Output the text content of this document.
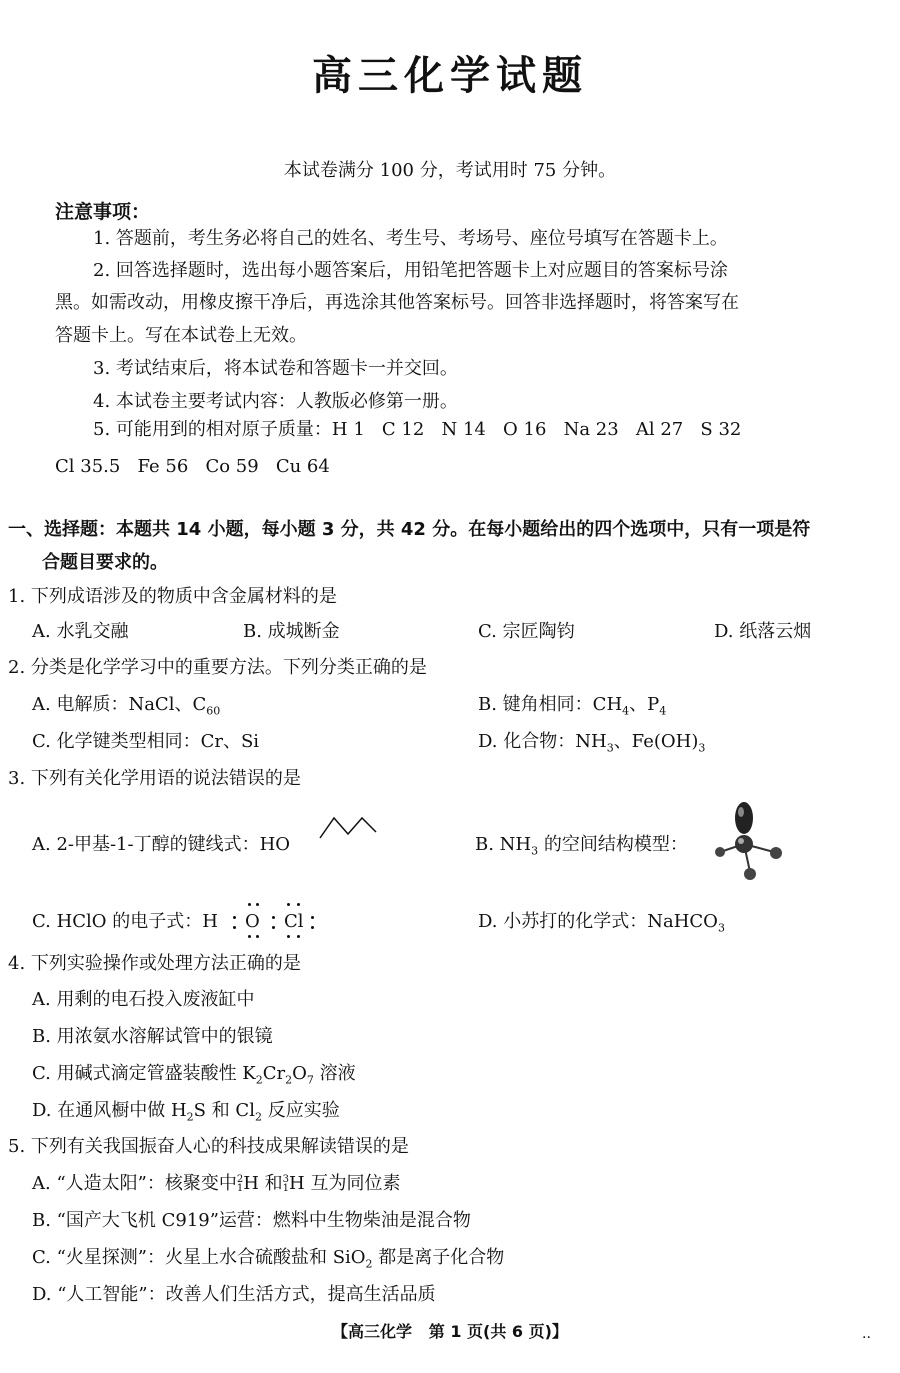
高三化学试题
本试卷满分 100 分，考试用时 75 分钟。
注意事项：
1. 答题前，考生务必将自己的姓名、考生号、考场号、座位号填写在答题卡上。
2. 回答选择题时，选出每小题答案后，用铅笔把答题卡上对应题目的答案标号涂
黑。如需改动，用橡皮擦干净后，再选涂其他答案标号。回答非选择题时，将答案写在
答题卡上。写在本试卷上无效。
3. 考试结束后，将本试卷和答题卡一并交回。
4. 本试卷主要考试内容：人教版必修第一册。
5. 可能用到的相对原子质量：H 1   C 12   N 14   O 16   Na 23   Al 27   S 32
Cl 35.5   Fe 56   Co 59   Cu 64
一、选择题：本题共 14 小题，每小题 3 分，共 42 分。在每小题给出的四个选项中，只有一项是符
合题目要求的。
1. 下列成语涉及的物质中含金属材料的是
A. 水乳交融	B. 成城断金	C. 宗匠陶钧	D. 纸落云烟
2. 分类是化学学习中的重要方法。下列分类正确的是
A. 电解质：NaCl、$C_{60}$	B. 键角相同：$CH_4$、$P_4$
C. 化学键类型相同：Cr、Si	D. 化合物：$NH_3$、$Fe(OH)_3$
3. 下列有关化学用语的说法错误的是
A. 2-甲基-1-丁醇的键线式：HO	B. $NH_3$ 的空间结构模型：
C. HClO 的电子式：H O Cl	D. 小苏打的化学式：NaHCO$_3$
4. 下列实验操作或处理方法正确的是
A. 用剩的电石投入废液缸中
B. 用浓氨水溶解试管中的银镜
C. 用碱式滴定管盛装酸性 $K_2Cr_2O_7$ 溶液
D. 在通风橱中做 $H_2S$ 和 $Cl_2$ 反应实验
5. 下列有关我国振奋人心的科技成果解读错误的是
A. “人造太阳”：核聚变中2
1H 和3
1H 互为同位素
B. “国产大飞机 C919”运营：燃料中生物柴油是混合物
C. “火星探测”：火星上水合硫酸盐和 SiO$_2$ 都是离子化合物
D. “人工智能”：改善人们生活方式，提高生活品质
【高三化学   第 1 页(共 6 页)】	..
